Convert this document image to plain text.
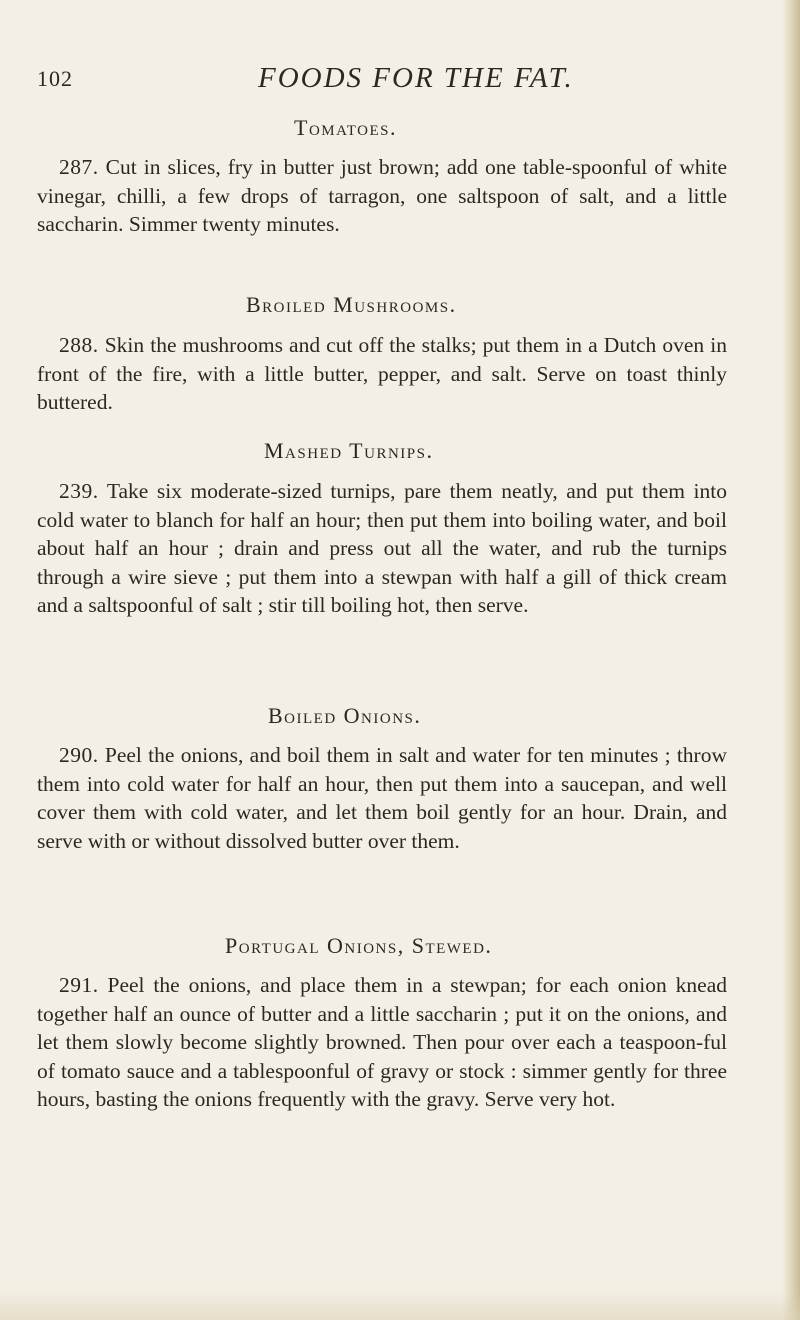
102	FOODS FOR THE FAT.
Tomatoes.

287. Cut in slices, fry in butter just brown; add one table-spoonful of white vinegar, chilli, a few drops of tarragon, one saltspoon of salt, and a little saccharin. Simmer twenty minutes.

Broiled Mushrooms.

288. Skin the mushrooms and cut off the stalks; put them in a Dutch oven in front of the fire, with a little butter, pepper, and salt. Serve on toast thinly buttered.

Mashed Turnips.

239. Take six moderate-sized turnips, pare them neatly, and put them into cold water to blanch for half an hour; then put them into boiling water, and boil about half an hour ; drain and press out all the water, and rub the turnips through a wire sieve ; put them into a stewpan with half a gill of thick cream and a saltspoonful of salt ; stir till boiling hot, then serve.

Boiled Onions.

290. Peel the onions, and boil them in salt and water for ten minutes ; throw them into cold water for half an hour, then put them into a saucepan, and well cover them with cold water, and let them boil gently for an hour. Drain, and serve with or without dissolved butter over them.

Portugal Onions, Stewed.

291. Peel the onions, and place them in a stewpan; for each onion knead together half an ounce of butter and a little saccharin ; put it on the onions, and let them slowly become slightly browned. Then pour over each a teaspoon-ful of tomato sauce and a tablespoonful of gravy or stock : simmer gently for three hours, basting the onions frequently with the gravy. Serve very hot.
